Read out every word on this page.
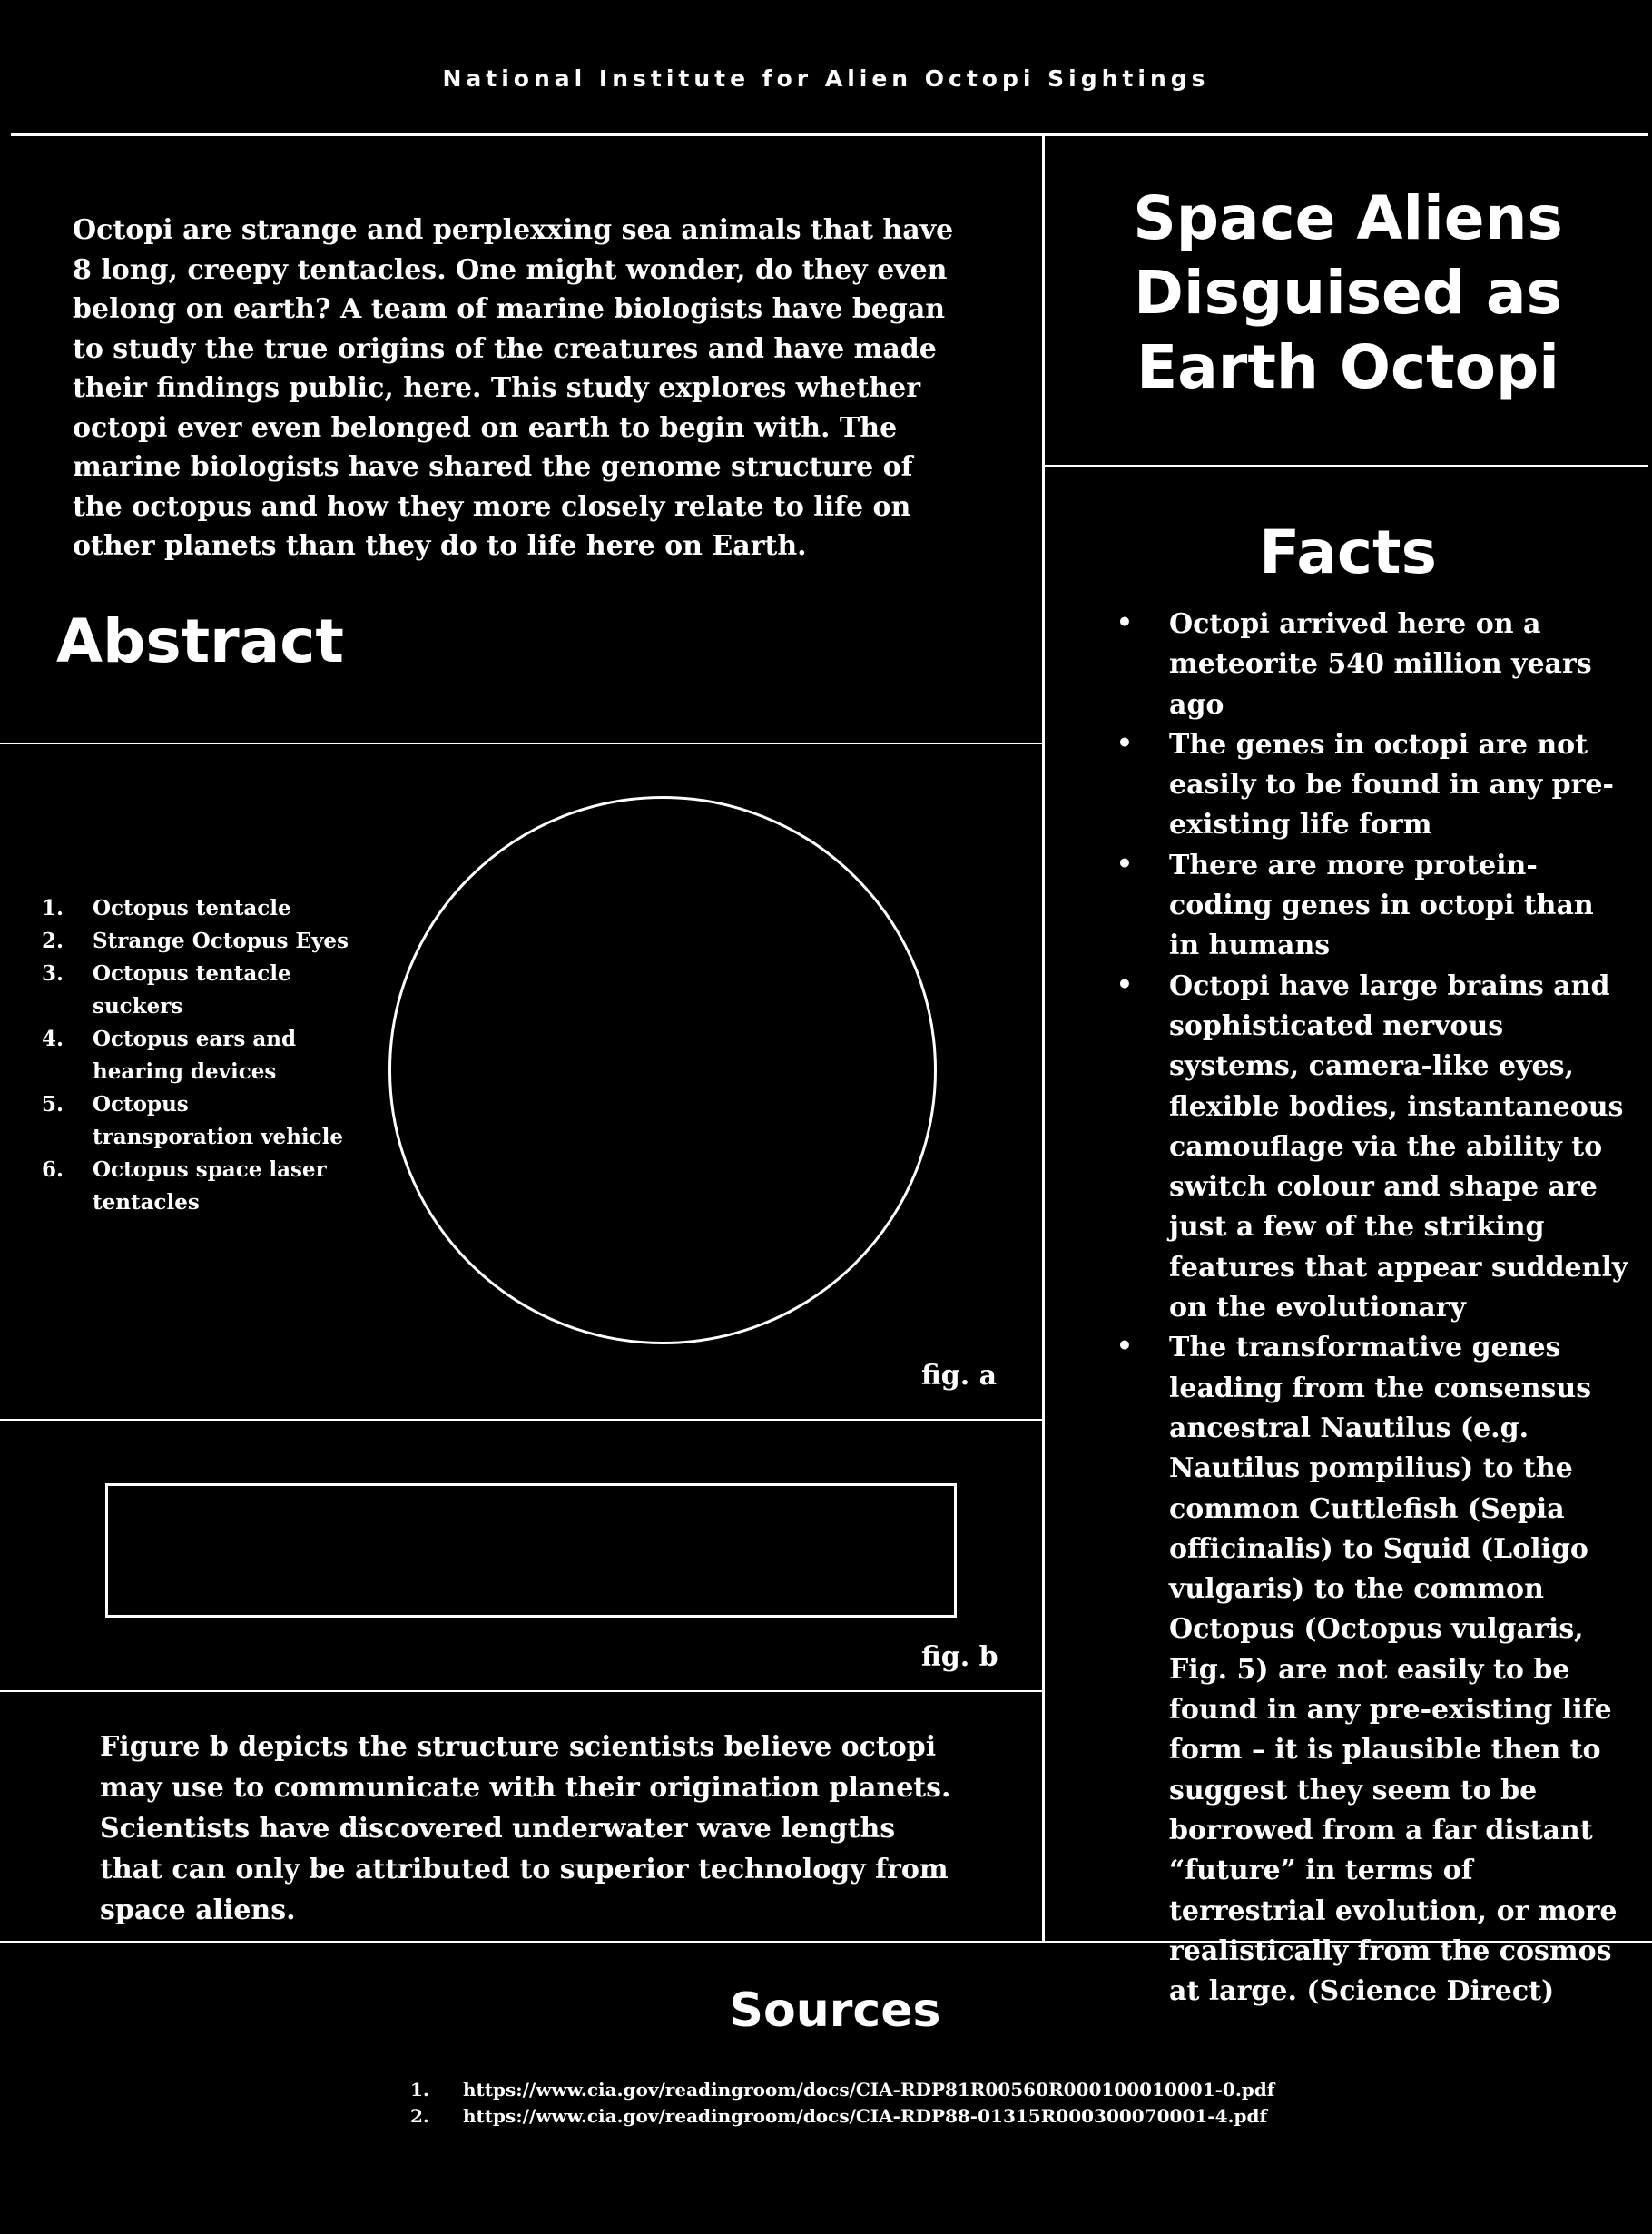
National Institute for Alien Octopi Sightings
Octopi are strange and perplexxing sea animals that have 8 long, creepy tentacles. One might wonder, do they even belong on earth? A team of marine biologists have began to study the true origins of the creatures and have made their findings public, here. This study explores whether octopi ever even belonged on earth to begin with. The marine biologists have shared the genome structure of the octopus and how they more closely relate to life on other planets than they do to life here on Earth.
Abstract
1. Octopus tentacle
2. Strange Octopus Eyes
3. Octopus tentacle suckers
4. Octopus ears and hearing devices
5. Octopus transporation vehicle
6. Octopus space laser tentacles
fig. a
fig. b
Figure b depicts the structure scientists believe octopi may use to communicate with their origination planets. Scientists have discovered underwater wave lengths that can only be attributed to superior technology from space aliens.
Space Aliens Disguised as Earth Octopi
Facts
• Octopi arrived here on a meteorite 540 million years ago
• The genes in octopi are not easily to be found in any pre-existing life form
• There are more protein-coding genes in octopi than in humans
• Octopi have large brains and sophisticated nervous systems, camera-like eyes, flexible bodies, instantaneous camouflage via the ability to switch colour and shape are just a few of the striking features that appear suddenly on the evolutionary
• The transformative genes leading from the consensus ancestral Nautilus (e.g. Nautilus pompilius) to the common Cuttlefish (Sepia officinalis) to Squid (Loligo vulgaris) to the common Octopus (Octopus vulgaris, Fig. 5) are not easily to be found in any pre-existing life form – it is plausible then to suggest they seem to be borrowed from a far distant “future” in terms of terrestrial evolution, or more realistically from the cosmos at large. (Science Direct)
Sources
1. https://www.cia.gov/readingroom/docs/CIA-RDP81R00560R000100010001-0.pdf
2. https://www.cia.gov/readingroom/docs/CIA-RDP88-01315R000300070001-4.pdf
